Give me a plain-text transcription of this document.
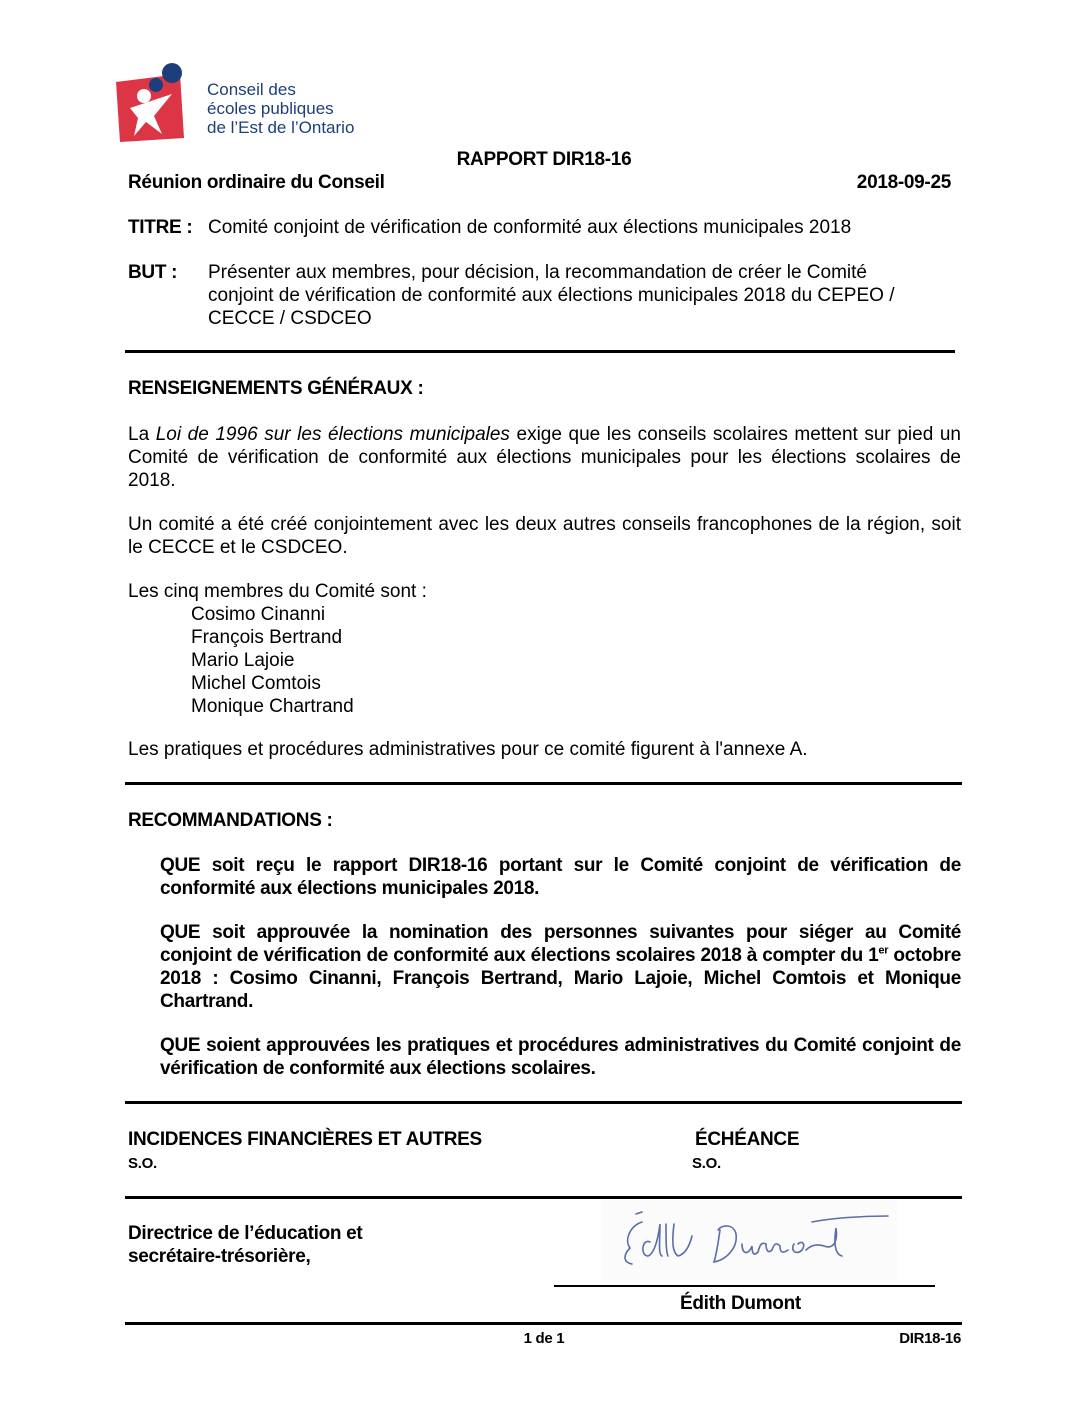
Conseil des
écoles publiques
de l’Est de l’Ontario
RAPPORT DIR18-16
Réunion ordinaire du Conseil	2018-09-25
TITRE : Comité conjoint de vérification de conformité aux élections municipales 2018
BUT : Présenter aux membres, pour décision, la recommandation de créer le Comité
conjoint de vérification de conformité aux élections municipales 2018 du CEPEO /
CECCE / CSDCEO
RENSEIGNEMENTS GÉNÉRAUX :
La Loi de 1996 sur les élections municipales exige que les conseils scolaires mettent sur pied un Comité de vérification de conformité aux élections municipales pour les élections scolaires de 2018.
Un comité a été créé conjointement avec les deux autres conseils francophones de la région, soit le CECCE et le CSDCEO.
Les cinq membres du Comité sont :
Cosimo Cinanni
François Bertrand
Mario Lajoie
Michel Comtois
Monique Chartrand
Les pratiques et procédures administratives pour ce comité figurent à l'annexe A.
RECOMMANDATIONS :
QUE soit reçu le rapport DIR18-16 portant sur le Comité conjoint de vérification de conformité aux élections municipales 2018.
QUE soit approuvée la nomination des personnes suivantes pour siéger au Comité conjoint de vérification de conformité aux élections scolaires 2018 à compter du 1er octobre 2018 : Cosimo Cinanni, François Bertrand, Mario Lajoie, Michel Comtois et Monique Chartrand.
QUE soient approuvées les pratiques et procédures administratives du Comité conjoint de vérification de conformité aux élections scolaires.
INCIDENCES FINANCIÈRES ET AUTRES
S.O.
ÉCHÉANCE
S.O.
Directrice de l’éducation et
secrétaire-trésorière,
Édith Dumont
1 de 1	DIR18-16
